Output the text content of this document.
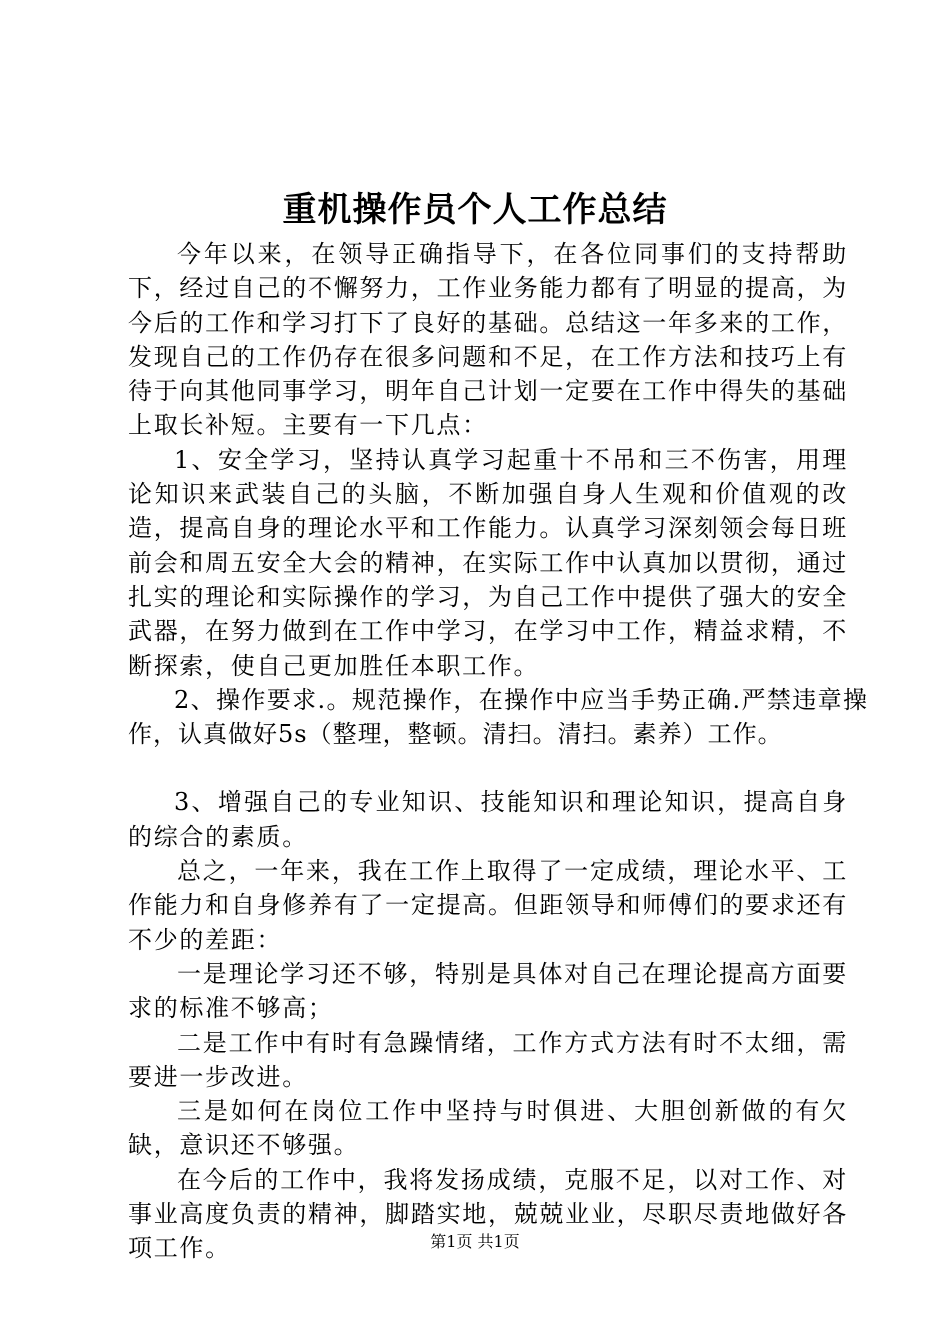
重机操作员个人工作总结

今年以来，在领导正确指导下，在各位同事们的支持帮助下，经过自己的不懈努力，工作业务能力都有了明显的提高，为今后的工作和学习打下了良好的基础。总结这一年多来的工作，发现自己的工作仍存在很多问题和不足，在工作方法和技巧上有待于向其他同事学习，明年自己计划一定要在工作中得失的基础上取长补短。主要有一下几点：

1、安全学习，坚持认真学习起重十不吊和三不伤害，用理论知识来武装自己的头脑，不断加强自身人生观和价值观的改造，提高自身的理论水平和工作能力。认真学习深刻领会每日班前会和周五安全大会的精神，在实际工作中认真加以贯彻，通过扎实的理论和实际操作的学习，为自己工作中提供了强大的安全武器，在努力做到在工作中学习，在学习中工作，精益求精，不断探索，使自己更加胜任本职工作。

2、操作要求.。规范操作，在操作中应当手势正确.严禁违章操作，认真做好5s（整理，整顿。清扫。清扫。素养）工作。

3、增强自己的专业知识、技能知识和理论知识，提高自身的综合的素质。

总之，一年来，我在工作上取得了一定成绩，理论水平、工作能力和自身修养有了一定提高。但距领导和师傅们的要求还有不少的差距：

一是理论学习还不够，特别是具体对自己在理论提高方面要求的标准不够高；

二是工作中有时有急躁情绪，工作方式方法有时不太细，需要进一步改进。

三是如何在岗位工作中坚持与时俱进、大胆创新做的有欠缺，意识还不够强。

在今后的工作中，我将发扬成绩，克服不足，以对工作、对事业高度负责的精神，脚踏实地，兢兢业业，尽职尽责地做好各项工作。	第1页 共1页
